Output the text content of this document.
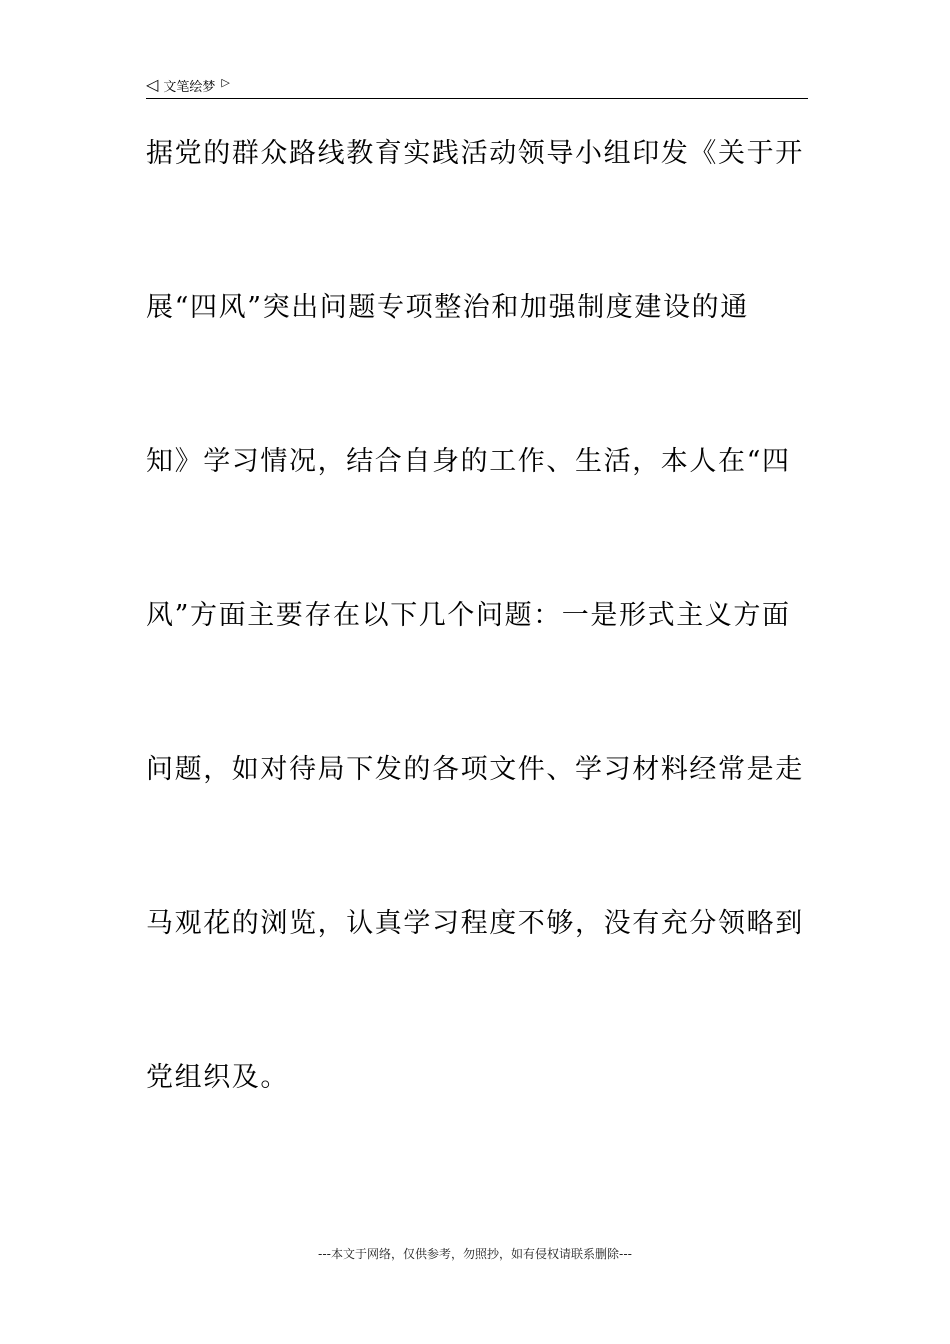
◁ 文笔绘梦 ▷
据党的群众路线教育实践活动领导小组印发《关于开
展“四风”突出问题专项整治和加强制度建设的通
知》学习情况，结合自身的工作、生活，本人在“四
风”方面主要存在以下几个问题：一是形式主义方面
问题，如对待局下发的各项文件、学习材料经常是走
马观花的浏览，认真学习程度不够，没有充分领略到
党组织及。
---本文于网络，仅供参考，勿照抄，如有侵权请联系删除---
